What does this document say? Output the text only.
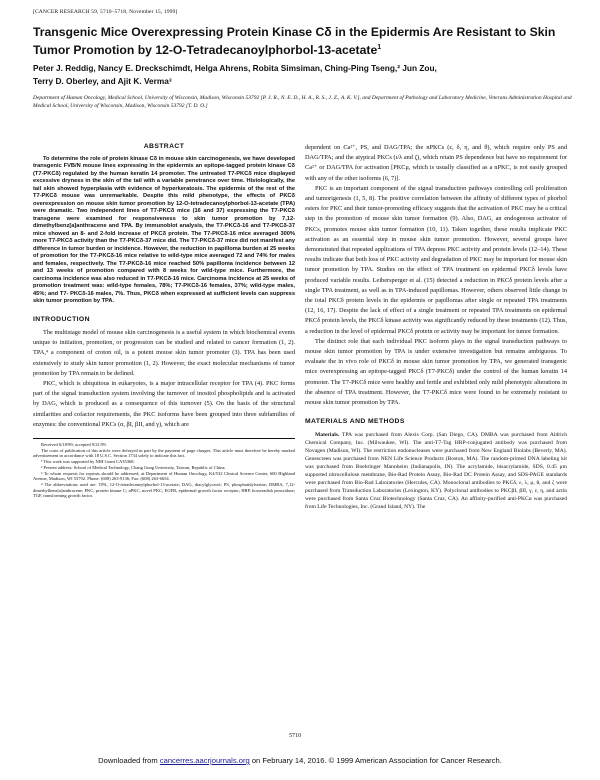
[CANCER RESEARCH 59, 5710–5718, November 15, 1999]
Transgenic Mice Overexpressing Protein Kinase Cδ in the Epidermis Are Resistant to Skin Tumor Promotion by 12-O-Tetradecanoylphorbol-13-acetate$^1$
Peter J. Reddig, Nancy E. Dreckschimdt, Helga Ahrens, Robita Simsiman, Ching-Ping Tseng,² Jun Zou,
Terry D. Oberley, and Ajit K. Verma³
Department of Human Oncology, Medical School, University of Wisconsin, Madison, Wisconsin 53792 [P. J. R., N. E. D., H. A., R. S., J. Z., A. K. V.], and Department of Pathology and Laboratory Medicine, Veterans Administration Hospital and Medical School, University of Wisconsin, Madison, Wisconsin 53792 [T. D. O.]
ABSTRACT

To determine the role of protein kinase Cδ in mouse skin carcinogenesis, we have developed transgenic FVB/N mouse lines expressing in the epidermis an epitope-tagged protein kinase Cδ (T7-PKCδ) regulated by the human keratin 14 promoter. The untreated T7-PKCδ mice displayed excessive dryness in the skin of the tail with a variable penetrance over time. Histologically, the tail skin showed hyperplasia with evidence of hyperkeratosis. The epidermis of the rest of the T7-PKCδ mouse was unremarkable. Despite this mild phenotype, the effects of PKCδ overexpression on mouse skin tumor promotion by 12-O-tetradecanoylphorbol-13-acetate (TPA) were dramatic. Two independent lines of T7-PKCδ mice (16 and 37) expressing the T7-PKCδ transgene were examined for responsiveness to skin tumor promotion by 7,12-dimethylbenz[a]anthracene and TPA. By immunoblot analysis, the T7-PKCδ-16 and T7-PKCδ-37 mice showed an 8- and 2-fold increase of PKCδ protein. The T7-PKCδ-16 mice averaged 300% more T7-PKCδ activity than the T7-PKCδ-37 mice did. The T7-PKCδ-37 mice did not manifest any difference in tumor burden or incidence. However, the reduction in papilloma burden at 25 weeks of promotion for the T7-PKCδ-16 mice relative to wild-type mice averaged 72 and 74% for males and females, respectively. The T7-PKCδ-16 mice reached 50% papilloma incidence between 12 and 13 weeks of promotion compared with 8 weeks for wild-type mice. Furthermore, the carcinoma incidence was also reduced in T7-PKCδ-16 mice. Carcinoma incidence at 25 weeks of promotion treatment was: wild-type females, 78%; T7-PKCδ-16 females, 37%; wild-type males, 45%; and T7- PKCδ-16 males, 7%. Thus, PKCδ when expressed at sufficient levels can suppress skin tumor promotion by TPA.

INTRODUCTION

The multistage model of mouse skin carcinogenesis is a useful system in which biochemical events unique to initiation, promotion, or progression can be studied and related to cancer formation (1, 2). TPA,⁴ a component of croton oil, is a potent mouse skin tumor promoter (3). TPA has been used extensively to study skin tumor promotion (1, 2). However, the exact molecular mechanisms of tumor promotion by TPA remain to be defined.

PKC, which is ubiquitous in eukaryotes, is a major intracellular receptor for TPA (4). PKC forms part of the signal transduction system involving the turnover of inositol phospholipids and is activated by DAG, which is produced as a consequence of this turnover (5). On the basis of the structural similarities and cofactor requirements, the PKC isoforms have been grouped into three subfamilies of enzymes: the conventional PKCs (α, βI, βII, and γ), which are

Received 6/18/99; accepted 9/21/99.

The costs of publication of this article were defrayed in part by the payment of page charges. This article must therefore be hereby marked advertisement in accordance with 18 U.S.C. Section 1734 solely to indicate this fact.

¹ This work was supported by NIH Grant CA35368.

² Present address: School of Medical Technology, Chang Gung University, Taiwan, Republic of China.

³ To whom requests for reprints should be addressed, at Department of Human Oncology, K4/532 Clinical Science Center, 600 Highland Avenue, Madison, WI 53792. Phone: (608) 263-9136; Fax: (608) 263-6654.

⁴ The abbreviations used are: TPA, 12-O-tetradecanoylphorbol-13-acetate; DAG, diacylglycerol; PS, phosphatidylserine; DMBA, 7,12-dimethylbenz[a]anthracene; PKC, protein kinase C; nPKC, novel PKC; EGFR, epidermal growth factor receptor; HRP, horseradish peroxidase; TGF, transforming growth factor.

dependent on Ca²⁺, PS, and DAG/TPA; the nPKCs (ε, δ, η, and θ), which require only PS and DAG/TPA; and the atypical PKCs (ι/λ and ζ), which retain PS dependence but have no requirement for Ca²⁺ or DAG/TPA for activation [PKCμ, which is usually classified as a nPKC, is not easily grouped with any of the other isoforms (6, 7)].

PKC is an important component of the signal transduction pathways controlling cell proliferation and tumorigenesis (1, 5, 8). The positive correlation between the affinity of different types of phorbol esters for PKC and their tumor-promoting efficacy suggests that the activation of PKC may be a critical step in the promotion of mouse skin tumor formation (9). Also, DAG, an endogenous activator of PKCs, promotes mouse skin tumor formation (10, 11). Taken together, these results implicate PKC activation as an essential step in mouse skin tumor promotion. However, several groups have demonstrated that repeated applications of TPA depress PKC activity and protein levels (12–14). These results indicate that both loss of PKC activity and degradation of PKC may be important for mouse skin tumor promotion by TPA. Studies on the effect of TPA treatment on epidermal PKCδ levels have produced variable results. Leibersperger et al. (15) detected a reduction in PKCδ protein levels after a single TPA treatment, as well as in TPA-induced papillomas. However, others observed little change in the total PKCδ protein levels in the epidermis or papillomas after single or repeated TPA treatments (12, 16, 17). Despite the lack of effect of a single treatment or repeated TPA treatments on epidermal PKCδ protein levels, the PKCδ kinase activity was significantly reduced by these treatments (12). Thus, a reduction in the level of epidermal PKCδ protein or activity may be important for tumor formation.

The distinct role that each individual PKC isoform plays in the signal transduction pathways to mouse skin tumor promotion by TPA is under extensive investigation but remains ambiguous. To evaluate the in vivo role of PKCδ in mouse skin tumor promotion by TPA, we generated transgenic mice overexpressing an epitope-tagged PKCδ (T7-PKCδ) under the control of the human keratin 14 promoter. The T7-PKCδ mice were healthy and fertile and exhibited only mild phenotypic alterations in the absence of TPA treatment. However, the T7-PKCδ mice were found to be extremely resistant to mouse skin tumor promotion by TPA.

MATERIALS AND METHODS

Materials. TPA was purchased from Alexis Corp. (San Diego, CA). DMBA was purchased from Aldrich Chemical Company, Inc. (Milwaukee, WI). The anti-T7-Tag HRP-conjugated antibody was purchased from Novagen (Madison, WI). The restriction endonucleases were purchased from New England Biolabs (Beverly, MA). Genescreen was purchased from NEN Life Science Products (Boston, MA). The random-primed DNA labeling kit was purchased from Boehringer Mannheim (Indianapolis, IN). The acrylamide, bisacrylamide, SDS, 0.45 μm supported nitrocellulose membrane, Bio-Rad Protein Assay, Bio-Rad DC Protein Assay, and SDS-PAGE standards were purchased from Bio-Rad Laboratories (Hercules, CA). Monoclonal antibodies to PKCδ, ε, λ, μ, θ, and ζ were purchased from Transduction Laboratories (Lexington, KY). Polyclonal antibodies to PKCβI, βII, γ, ε, η, and actin were purchased from Santa Cruz Biotechnology (Santa Cruz, CA). An affinity-purified anti-PKCα was purchased from Life Technologies, Inc. (Grand Island, NY). The

5710
Downloaded from cancerres.aacrjournals.org on February 14, 2016. © 1999 American Association for Cancer Research.
